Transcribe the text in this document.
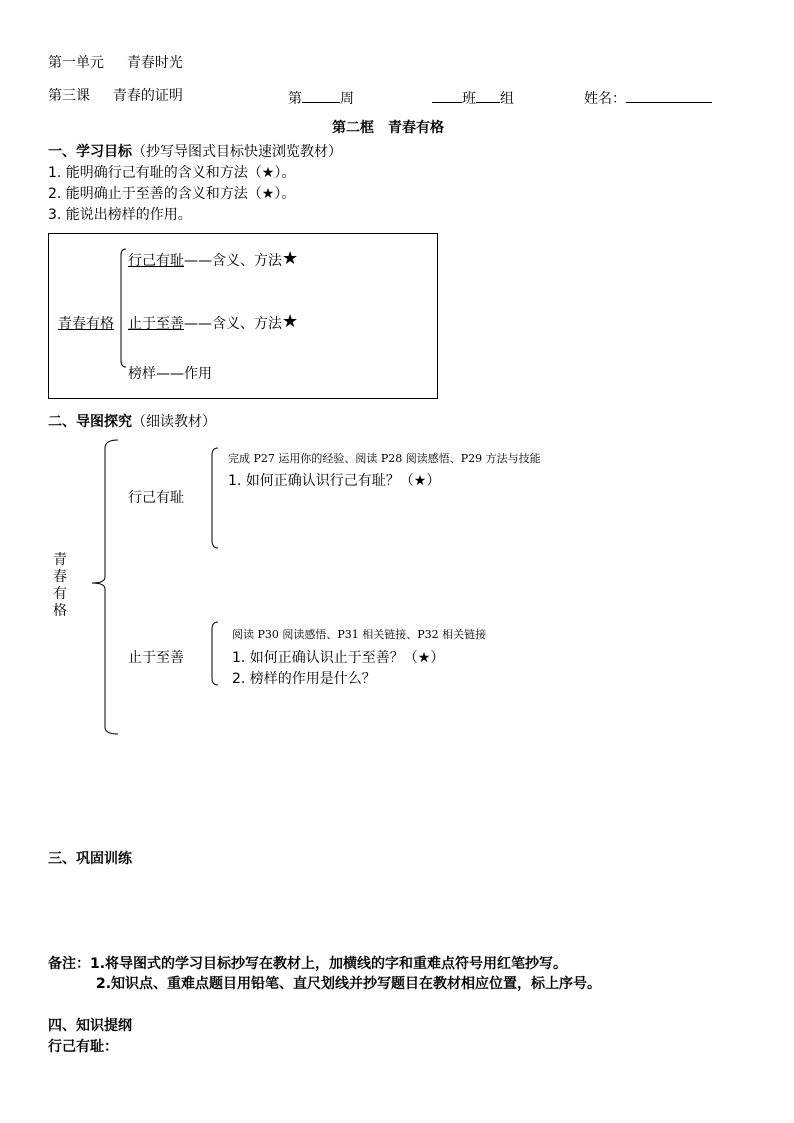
第一单元 青春时光
第三课 青春的证明	第	周	班 组	姓名：
第二框　青春有格
一、学习目标（抄写导图式目标快速浏览教材）
1. 能明确行己有耻的含义和方法（★）。
2. 能明确止于至善的含义和方法（★）。
3. 能说出榜样的作用。
青春有格
行己有耻——含义、方法★
止于至善——含义、方法★
榜样——作用
二、导图探究（细读教材）
青春有格
行己有耻
完成 P27 运用你的经验、阅读 P28 阅读感悟、P29 方法与技能
1. 如何正确认识行己有耻？（★）
止于至善
阅读 P30 阅读感悟、P31 相关链接、P32 相关链接
1. 如何正确认识止于至善？（★）
2. 榜样的作用是什么？
三、巩固训练
备注：1.将导图式的学习目标抄写在教材上，加横线的字和重难点符号用红笔抄写。
2.知识点、重难点题目用铅笔、直尺划线并抄写题目在教材相应位置，标上序号。
四、知识提纲
行己有耻：
